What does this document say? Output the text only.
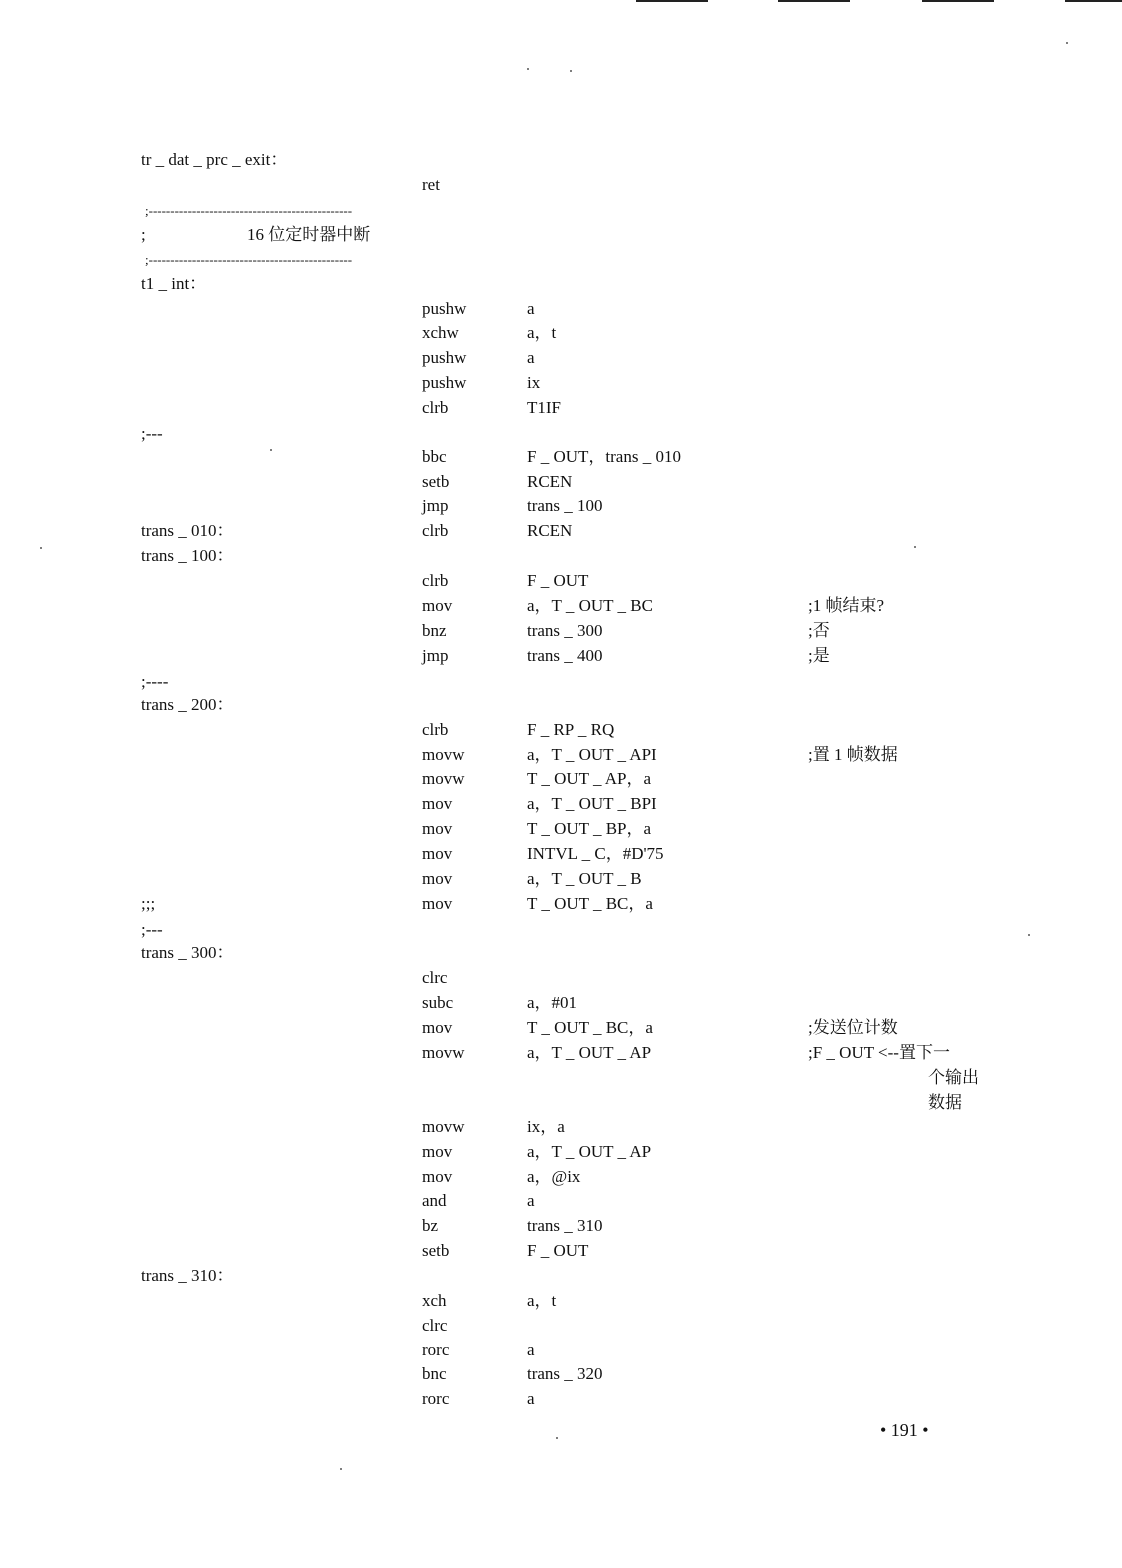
tr _ dat _ prc _ exit：
ret
;-----------------------------------------------
;	16 位定时器中断
;-----------------------------------------------
t1 _ int：
pushw	a
xchw	a，t
pushw	a
pushw	ix
clrb	T1IF
;---
bbc	F _ OUT，trans _ 010
setb	RCEN
jmp	trans _ 100
trans _ 010：	clrb	RCEN
trans _ 100：
clrb	F _ OUT
mov	a，T _ OUT _ BC	;1 帧结束?
bnz	trans _ 300	;否
jmp	trans _ 400	;是
;----
trans _ 200：
clrb	F _ RP _ RQ
movw	a，T _ OUT _ API	;置 1 帧数据
movw	T _ OUT _ AP，a
mov	a，T _ OUT _ BPI
mov	T _ OUT _ BP，a
mov	INTVL _ C，#D'75
mov	a，T _ OUT _ B
;;;	mov	T _ OUT _ BC，a
;---
trans _ 300：
clrc
subc	a，#01
mov	T _ OUT _ BC，a	;发送位计数
movw	a，T _ OUT _ AP	;F _ OUT <--置下一
个输出
数据
movw	ix，a
mov	a，T _ OUT _ AP
mov	a，@ix
and	a
bz	trans _ 310
setb	F _ OUT
trans _ 310：
xch	a，t
clrc
rorc	a
bnc	trans _ 320
rorc	a
• 191 •
